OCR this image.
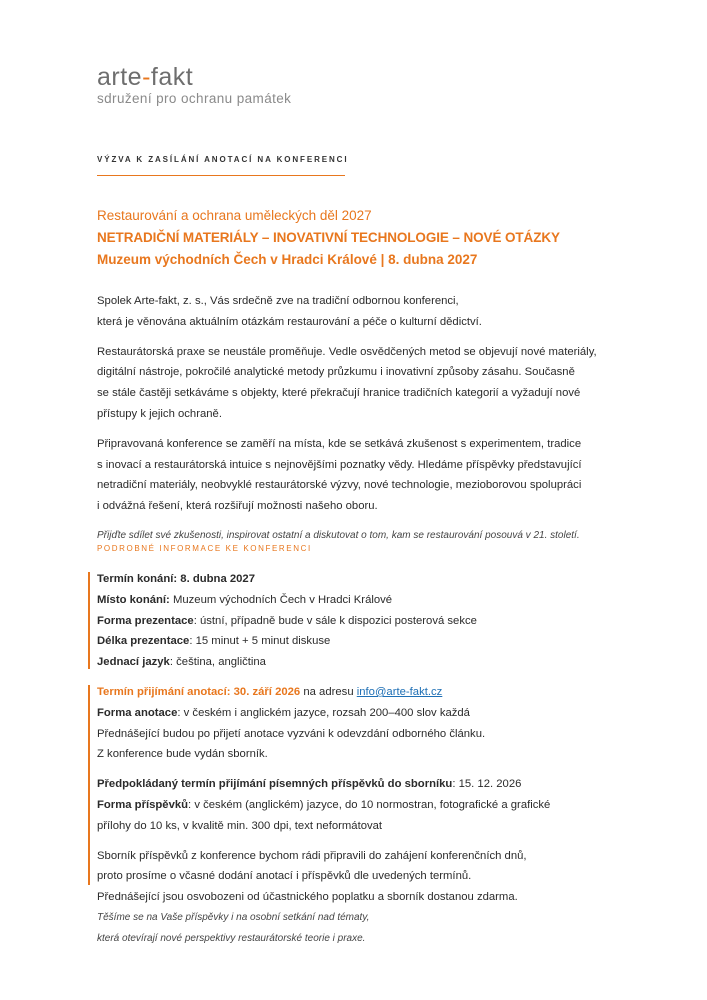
arte-fakt
sdružení pro ochranu památek
VÝZVA K ZASÍLÁNÍ ANOTACÍ NA KONFERENCI
Restaurování a ochrana uměleckých děl 2027
NETRADIČNÍ MATERIÁLY – INOVATIVNÍ TECHNOLOGIE – NOVÉ OTÁZKY
Muzeum východních Čech v Hradci Králové | 8. dubna 2027
Spolek Arte-fakt, z. s., Vás srdečně zve na tradiční odbornou konferenci,
která je věnována aktuálním otázkám restaurování a péče o kulturní dědictví.
Restaurátorská praxe se neustále proměňuje. Vedle osvědčených metod se objevují nové materiály,
digitální nástroje, pokročilé analytické metody průzkumu i inovativní způsoby zásahu. Současně
se stále častěji setkáváme s objekty, které překračují hranice tradičních kategorií a vyžadují nové
přístupy k jejich ochraně.
Připravovaná konference se zaměří na místa, kde se setkává zkušenost s experimentem, tradice
s inovací a restaurátorská intuice s nejnovějšími poznatky vědy. Hledáme příspěvky představující
netradiční materiály, neobvyklé restaurátorské výzvy, nové technologie, mezioborovou spolupráci
i odvážná řešení, která rozšiřují možnosti našeho oboru.
Přijďte sdílet své zkušenosti, inspirovat ostatní a diskutovat o tom, kam se restaurování posouvá v 21. století.
PODROBNÉ INFORMACE KE KONFERENCI
Termín konání: 8. dubna 2027
Místo konání: Muzeum východních Čech v Hradci Králové
Forma prezentace: ústní, případně bude v sále k dispozici posterová sekce
Délka prezentace: 15 minut + 5 minut diskuse
Jednací jazyk: čeština, angličtina
Termín přijímání anotací: 30. září 2026 na adresu info@arte-fakt.cz
Forma anotace: v českém i anglickém jazyce, rozsah 200–400 slov každá
Přednášející budou po přijetí anotace vyzváni k odevzdání odborného článku.
Z konference bude vydán sborník.
Předpokládaný termín přijímání písemných příspěvků do sborníku: 15. 12. 2026
Forma příspěvků: v českém (anglickém) jazyce, do 10 normostran, fotografické a grafické
přílohy do 10 ks, v kvalitě min. 300 dpi, text neformátovat
Sborník příspěvků z konference bychom rádi připravili do zahájení konferenčních dnů,
proto prosíme o včasné dodání anotací i příspěvků dle uvedených termínů.
Přednášející jsou osvobozeni od účastnického poplatku a sborník dostanou zdarma.
Těšíme se na Vaše příspěvky i na osobní setkání nad tématy,
která otevírají nové perspektivy restaurátorské teorie i praxe.
